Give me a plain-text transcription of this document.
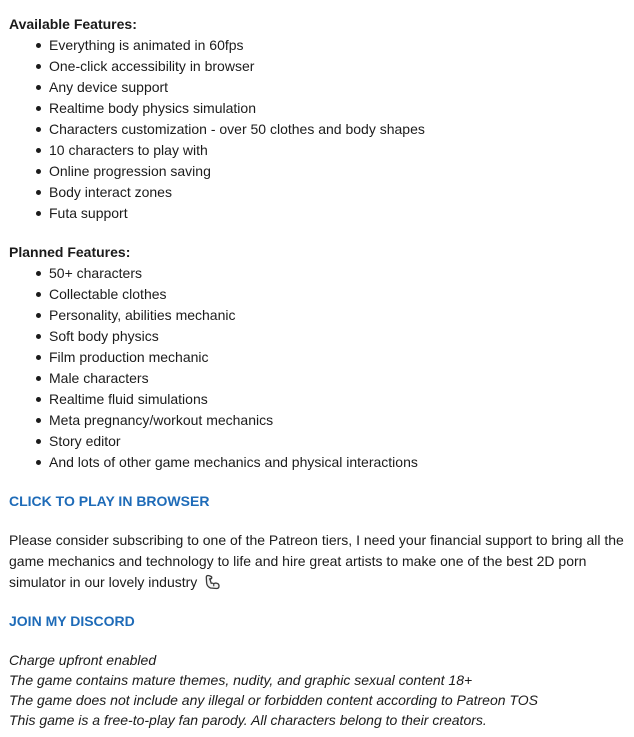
Available Features:
Everything is animated in 60fps
One-click accessibility in browser
Any device support
Realtime body physics simulation
Characters customization - over 50 clothes and body shapes
10 characters to play with
Online progression saving
Body interact zones
Futa support
Planned Features:
50+ characters
Collectable clothes
Personality, abilities mechanic
Soft body physics
Film production mechanic
Male characters
Realtime fluid simulations
Meta pregnancy/workout mechanics
Story editor
And lots of other game mechanics and physical interactions
CLICK TO PLAY IN BROWSER

Please consider subscribing to one of the Patreon tiers, I need your financial support to bring all the game mechanics and technology to life and hire great artists to make one of the best 2D porn simulator in our lovely industry

JOIN MY DISCORD
Charge upfront enabled
The game contains mature themes, nudity, and graphic sexual content 18+
The game does not include any illegal or forbidden content according to Patreon TOS
This game is a free-to-play fan parody. All characters belong to their creators.
